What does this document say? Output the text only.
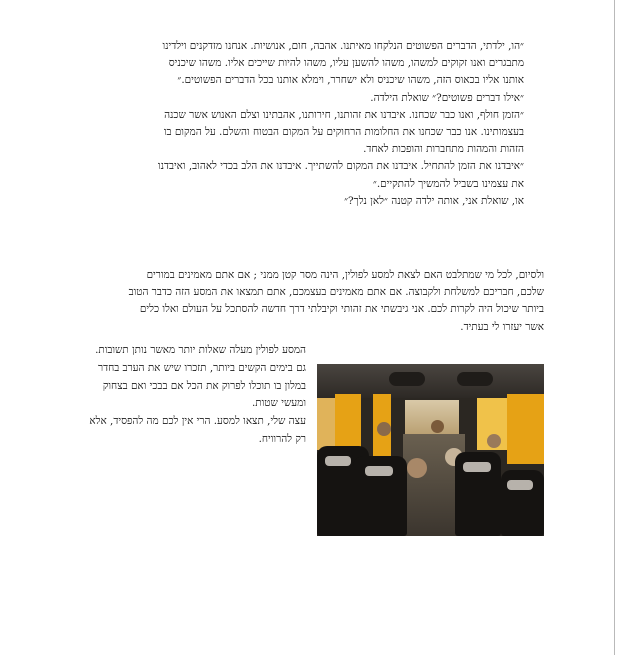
״הו, ילדתי, הדברים הפשוטים הנלקחו מאיתנו. אהבה, חום, אנושיות. אנחנו מזדקנים וילדינו
מתבגרים ואנו זקוקים למשהו, משהו להשען עליו, משהו להיות שייכים אליו. משהו שיכניס
אותנו אליו בכאוס הזה, משהו שיכניס ולא ישחרר, וימלא אותנו בכל הדברים הפשוטים.״
״אילו דברים פשוטים?״ שואלת הילדה.
״הזמן חולף, ואנו כבר שכחנו. איבדנו את זהותנו, חירותנו, אהבתינו וצלם האנוש אשר שכנה
בעצמותינו. אנו כבר שכחנו את החלומות הרחוקים על המקום הבטוח והשלם. על המקום בו
הזהות והמהות מתחברות והופכות לאחד.
״איבדנו את הזמן להתחיל. איבדנו את המקום להשתייך. איבדנו את הלב בכדי לאהוב, ואיבדנו
את עצמינו בשביל להמשיך להתקיים.״
או, שואלת אני, אותה ילדה קטנה ״לאן נלך?״
ולסיום, לכל מי שמתלבט האם לצאת למסע לפולין, הינה מסר קטן ממני ; אם אתם מאמינים במורים
שלכם, חבריכם למשלחת ולקבוצה. אם אתם מאמינים בעצמכם, אתם תמצאו את המסע הזה כדבר הטוב
ביותר שיכול היה לקרות לכם. אני גיבשתי את זהותי וקיבלתי דרך חדשה להסתכל על העולם ואלו כלים
אשר יעזרו לי בעתיד.
המסע לפולין מעלה שאלות יותר מאשר נותן תשובות.
גם בימים הקשים ביותר, תזכרו שיש את הערב בחדר
במלון בו תוכלו לפרוק את הכל אם בבכי ואם בצחוק
ומעשי שטות.
עצה שלי, תצאו למסע. הרי אין לכם מה להפסיד, אלא
רק להרוויח.
